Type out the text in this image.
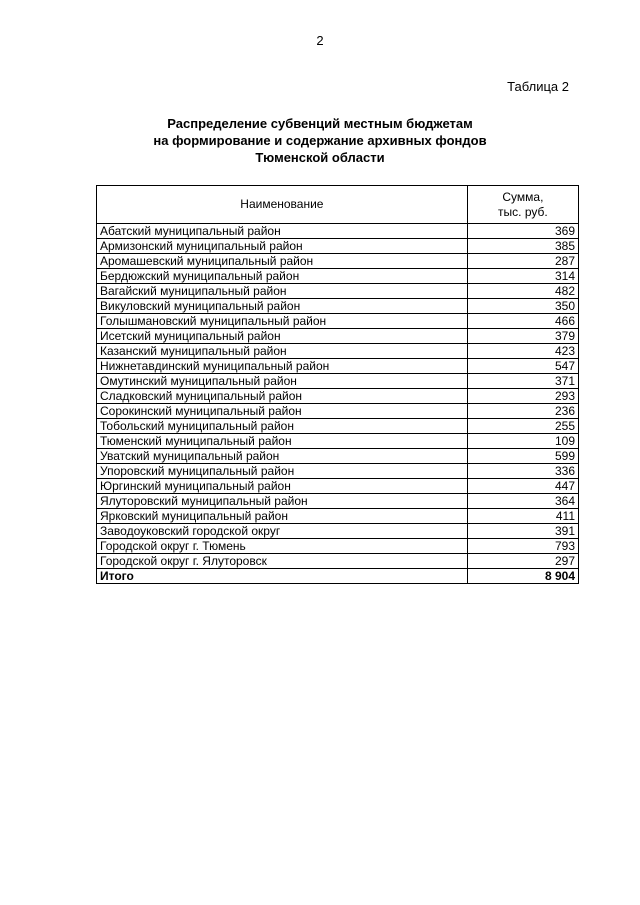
2
Таблица 2
Распределение субвенций местным бюджетам
на формирование и содержание архивных фондов
Тюменской области
Наименование	Сумма,
тыс. руб.
Абатский муниципальный район	369
Армизонский муниципальный район	385
Аромашевский муниципальный район	287
Бердюжский муниципальный район	314
Вагайский муниципальный район	482
Викуловский муниципальный район	350
Голышмановский муниципальный район	466
Исетский муниципальный район	379
Казанский муниципальный район	423
Нижнетавдинский муниципальный район	547
Омутинский муниципальный район	371
Сладковский муниципальный район	293
Сорокинский муниципальный район	236
Тобольский муниципальный район	255
Тюменский муниципальный район	109
Уватский муниципальный район	599
Упоровский муниципальный район	336
Юргинский муниципальный район	447
Ялуторовский муниципальный район	364
Ярковский муниципальный район	411
Заводоуковский городской округ	391
Городской округ г. Тюмень	793
Городской округ г. Ялуторовск	297
Итого	8 904
